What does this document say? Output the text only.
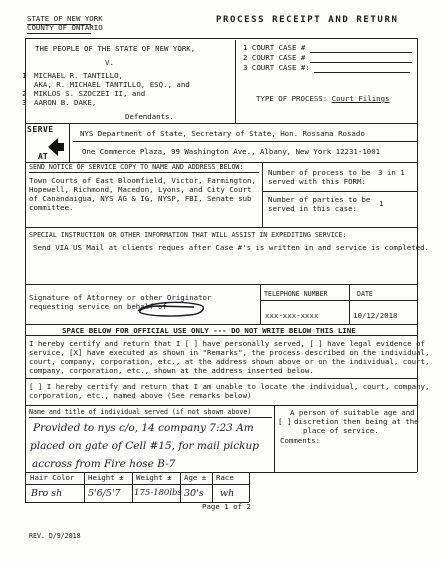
STATE OF NEW YORK
COUNTY OF ONTARIO
PROCESS RECEIPT AND RETURN
THE PEOPLE OF THE STATE OF NEW YORK,
V.
1 MICHAEL R. TANTILLO,
AKA, R. MICHAEL TANTILLO, ESQ., and
2 MIKLOS S. SZOCZEI II, and
3 AARON B. DAKE,
Defendants.
1 COURT CASE #
2 COURT CASE #
3 COURT CASE #:
TYPE OF PROCESS: Court Filings
SERVE
AT
NYS Department of State, Secretary of State, Hon. Rossana Rosado
One Commerce Plaza, 99 Washington Ave., Albany, New York 12231-1001
SEND NOTICE OF SERVICE COPY TO NAME AND ADDRESS BELOW:
Town Courts of East Bloomfield, Victor, Farmington,
Hopewell, Richmond, Macedon, Lyons, and City Court
of Canandaigua, NYS AG & IG, NYSP, FBI, Senate sub
committee.
Number of process to be
served with this FORM:
3 in 1
Number of parties to be
served in this case:
1
SPECIAL INSTRUCTION OR OTHER INFORMATION THAT WILL ASSIST IN EXPEDITING SERVICE:
Send VIA US Mail at clients reques after Case #'s is written in and service is completed.
Signature of Attorney or other Originator
requesting service on behalf of
TELEPHONE NUMBER	DATE
xxx-xxx-xxxx	10/12/2018
SPACE BELOW FOR OFFICIAL USE ONLY --- DO NOT WRITE BELOW THIS LINE
I hereby certify and return that I [ ] have personally served, [ ] have legal evidence of
service, [X] have executed as shown in "Remarks", the process described on the individual,
court, company, corporation, etc., at the address shown above or on the individual, court,
company, corporation, etc., shown at the address inserted below.
[ ] I hereby certify and return that I am unable to locate the individual, court, company,
corporation, etc., named above (See remarks below)
Name and title of individual served (if not shown above)
Provided to nys c/o, 14 company 7:23 Am
placed on gate of Cell #15, for mail pickup
accross from Fire hose B-7
A person of suitable age and
[ ] discretion then being at the
place of service.
Comments:
Hair Color Height ± Weight ± Age ± Race
Bro sh	5'6/5'7 175-180lbs 30's wh
Page 1 of 2
REV. D/9/2018
